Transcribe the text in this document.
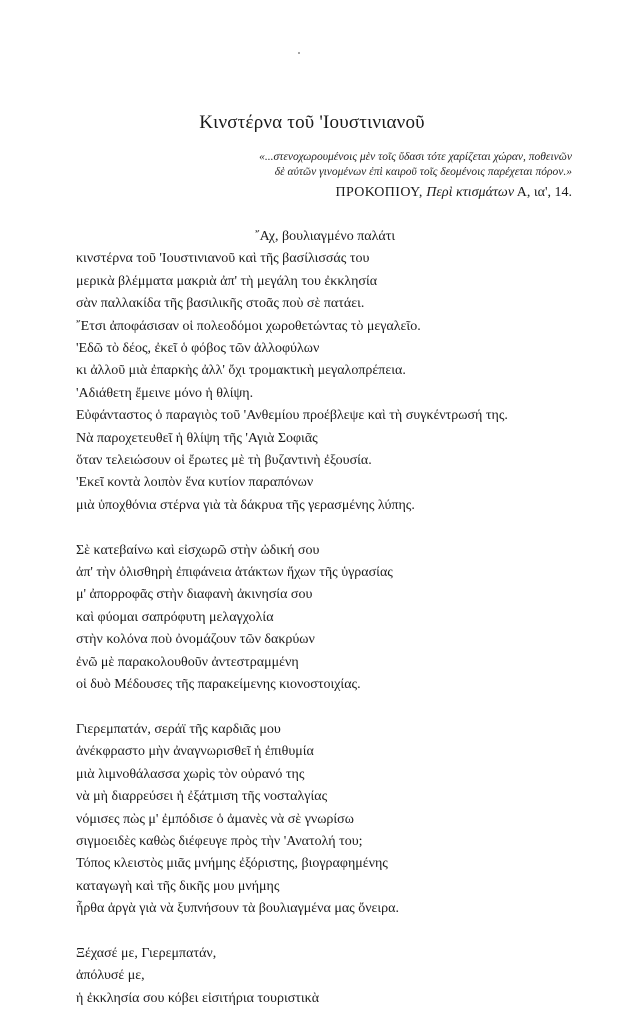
Κινστέρνα τοῦ 'Ιουστινιανοῦ
«...στενοχωρουμένοις μὲν τοῖς ὕδασι τότε χαρίζεται χώραν, ποθεινῶν
δὲ αὐτῶν γινομένων ἐπὶ καιροῦ τοῖς δεομένοις παρέχεται πόρον.»
ΠΡΟΚΟΠΙΟΥ, Περὶ κτισμάτων Α, ια', 14.
῎Αχ, βουλιαγμένο παλάτι
κινστέρνα τοῦ 'Ιουστινιανοῦ καὶ τῆς βασίλισσάς του
μερικὰ βλέμματα μακριὰ ἀπ' τὴ μεγάλη του ἐκκλησία
σὰν παλλακίδα τῆς βασιλικῆς στοᾶς ποὺ σὲ πατάει.
῎Ετσι ἀποφάσισαν οἱ πολεοδόμοι χωροθετώντας τὸ μεγαλεῖο.
'Εδῶ τὸ δέος, ἐκεῖ ὁ φόβος τῶν ἀλλοφύλων
κι ἀλλοῦ μιὰ ἐπαρκὴς ἀλλ' ὄχι τρομακτικὴ μεγαλοπρέπεια.
'Αδιάθετη ἔμεινε μόνο ἡ θλίψη.
Εὐφάνταστος ὁ παραγιὸς τοῦ 'Ανθεμίου προέβλεψε καὶ τὴ συγκέντρωσή της.
Νὰ παροχετευθεῖ ἡ θλίψη τῆς 'Αγιὰ Σοφιᾶς
ὅταν τελειώσουν οἱ ἔρωτες μὲ τὴ βυζαντινὴ ἐξουσία.
'Εκεῖ κοντὰ λοιπὸν ἕνα κυτίον παραπόνων
μιὰ ὑποχθόνια στέρνα γιὰ τὰ δάκρυα τῆς γερασμένης λύπης.
Σὲ κατεβαίνω καὶ εἰσχωρῶ στὴν ὠδική σου
ἀπ' τὴν ὀλισθηρὴ ἐπιφάνεια ἀτάκτων ἤχων τῆς ὑγρασίας
μ' ἀπορροφᾶς στὴν διαφανὴ ἀκινησία σου
καὶ φύομαι σαπρόφυτη μελαγχολία
στὴν κολόνα ποὺ ὀνομάζουν τῶν δακρύων
ἐνῶ μὲ παρακολουθοῦν ἀντεστραμμένη
οἱ δυὸ Μέδουσες τῆς παρακείμενης κιονοστοιχίας.
Γιερεμπατάν, σεράϊ τῆς καρδιᾶς μου
ἀνέκφραστο μὴν ἀναγνωρισθεῖ ἡ ἐπιθυμία
μιὰ λιμνοθάλασσα χωρὶς τὸν οὐρανό της
νὰ μὴ διαρρεύσει ἡ ἐξάτμιση τῆς νοσταλγίας
νόμισες πὼς μ' ἐμπόδισε ὁ ἀμανὲς νὰ σὲ γνωρίσω
σιγμοειδὲς καθὼς διέφευγε πρὸς τὴν 'Ανατολή του;
Τόπος κλειστὸς μιᾶς μνήμης ἐξόριστης, βιογραφημένης
καταγωγὴ καὶ τῆς δικῆς μου μνήμης
ἦρθα ἀργὰ γιὰ νὰ ξυπνήσουν τὰ βουλιαγμένα μας ὄνειρα.
Ξέχασέ με, Γιερεμπατάν,
ἀπόλυσέ με,
ἡ ἐκκλησία σου κόβει εἰσιτήρια τουριστικὰ
